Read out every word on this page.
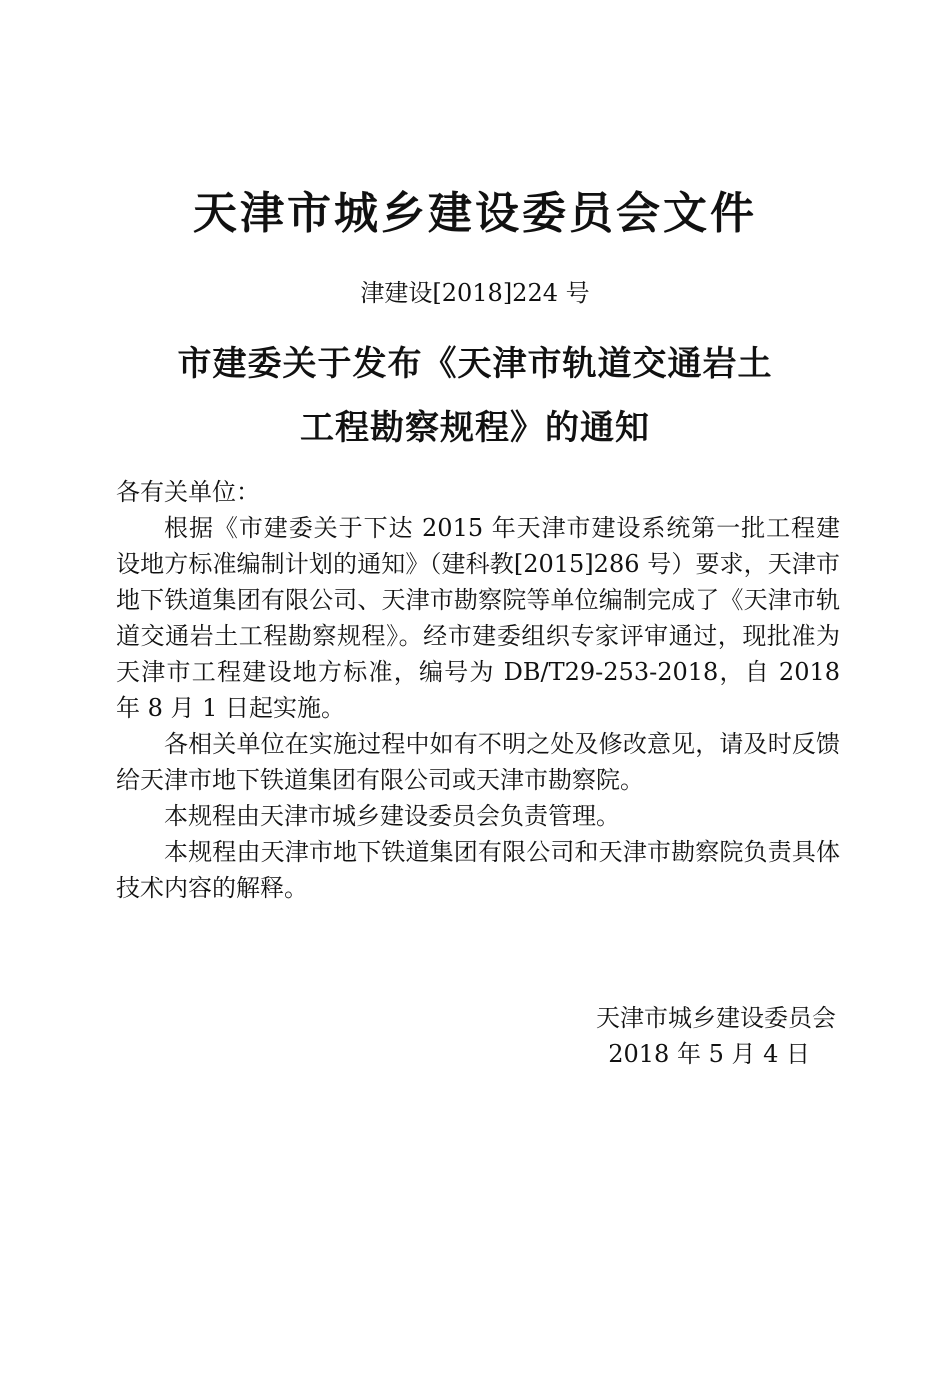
天津市城乡建设委员会文件
津建设[2018]224 号
市建委关于发布《天津市轨道交通岩土
工程勘察规程》的通知

各有关单位：

根据《市建委关于下达 2015 年天津市建设系统第一批工程建设地方标准编制计划的通知》（建科教[2015]286 号）要求，天津市地下铁道集团有限公司、天津市勘察院等单位编制完成了《天津市轨道交通岩土工程勘察规程》。经市建委组织专家评审通过，现批准为天津市工程建设地方标准，编号为 DB/T29-253-2018，自 2018 年 8 月 1 日起实施。

各相关单位在实施过程中如有不明之处及修改意见，请及时反馈给天津市地下铁道集团有限公司或天津市勘察院。

本规程由天津市城乡建设委员会负责管理。

本规程由天津市地下铁道集团有限公司和天津市勘察院负责具体技术内容的解释。

天津市城乡建设委员会
2018 年 5 月 4 日
